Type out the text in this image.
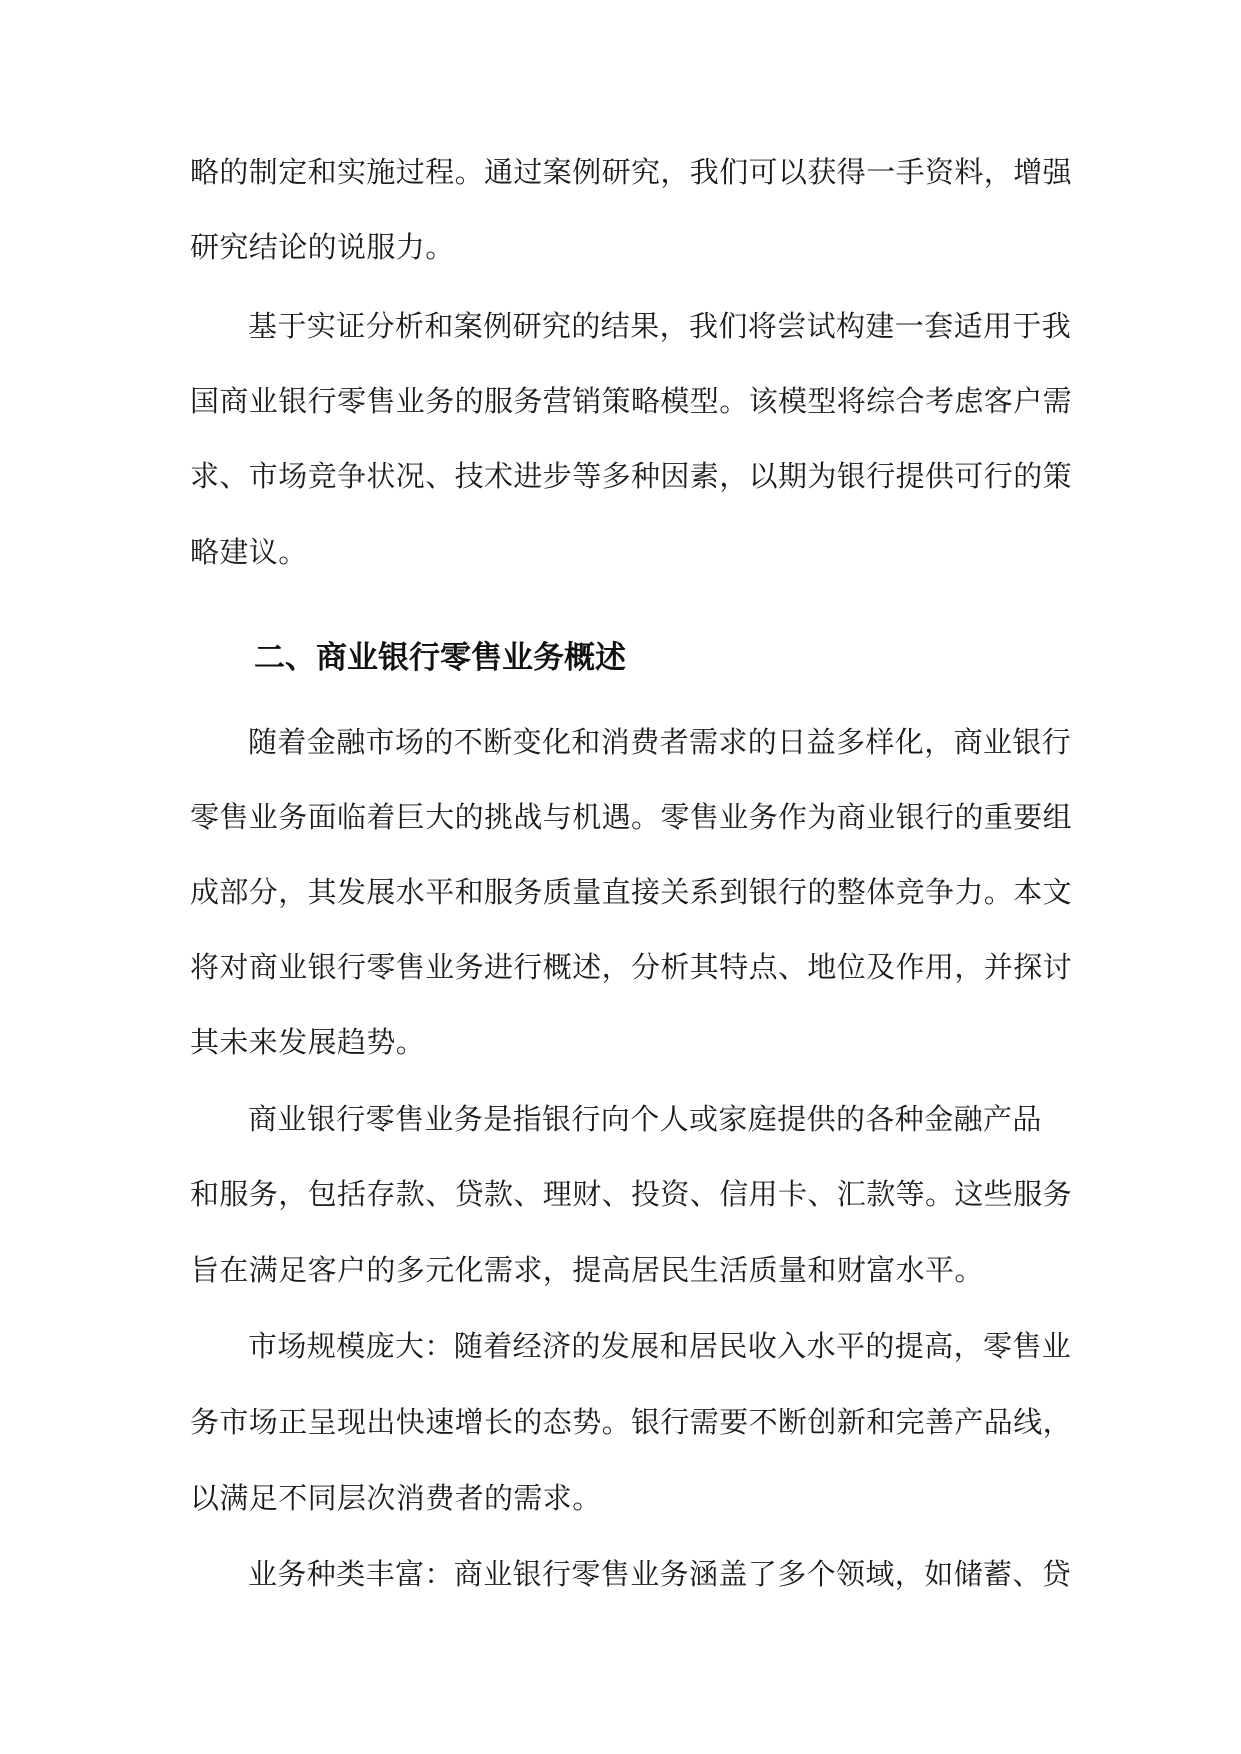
略的制定和实施过程。通过案例研究，我们可以获得一手资料，增强

研究结论的说服力。

基于实证分析和案例研究的结果，我们将尝试构建一套适用于我

国商业银行零售业务的服务营销策略模型。该模型将综合考虑客户需

求、市场竞争状况、技术进步等多种因素，以期为银行提供可行的策

略建议。

二、商业银行零售业务概述

随着金融市场的不断变化和消费者需求的日益多样化，商业银行

零售业务面临着巨大的挑战与机遇。零售业务作为商业银行的重要组

成部分，其发展水平和服务质量直接关系到银行的整体竞争力。本文

将对商业银行零售业务进行概述，分析其特点、地位及作用，并探讨

其未来发展趋势。

商业银行零售业务是指银行向个人或家庭提供的各种金融产品

和服务，包括存款、贷款、理财、投资、信用卡、汇款等。这些服务

旨在满足客户的多元化需求，提高居民生活质量和财富水平。

市场规模庞大：随着经济的发展和居民收入水平的提高，零售业

务市场正呈现出快速增长的态势。银行需要不断创新和完善产品线，

以满足不同层次消费者的需求。

业务种类丰富：商业银行零售业务涵盖了多个领域，如储蓄、贷
